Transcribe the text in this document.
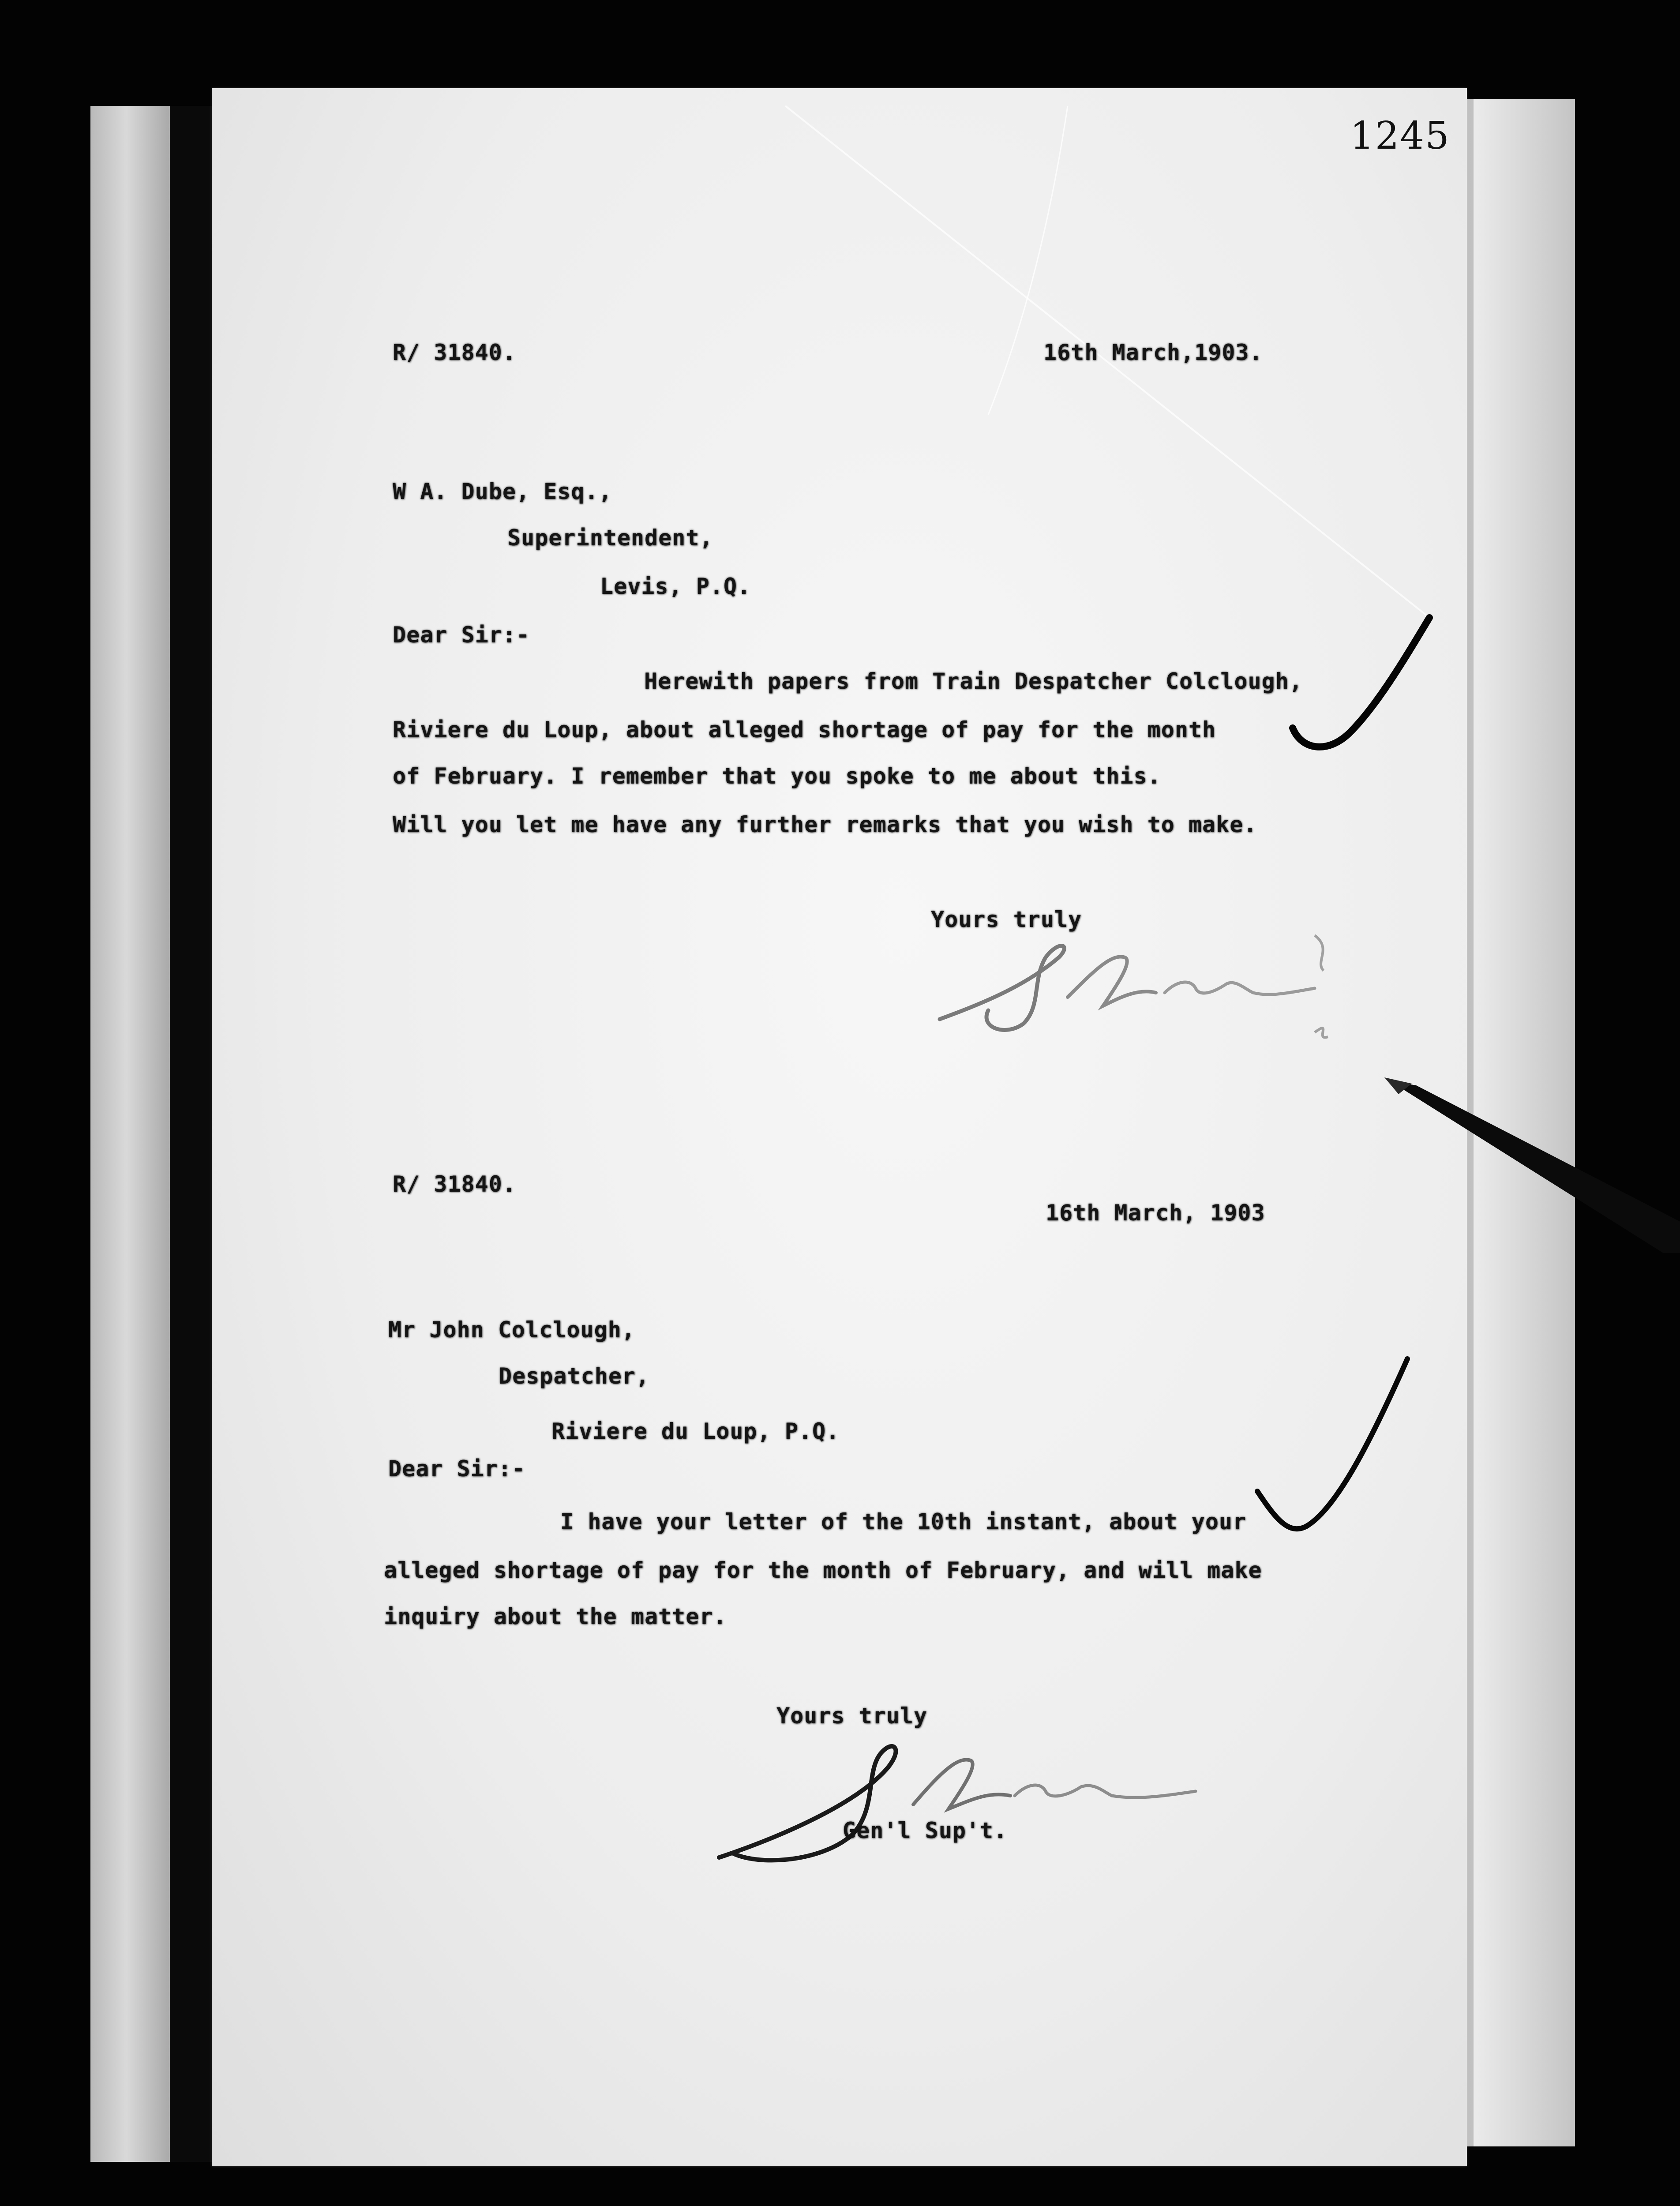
1245
R/ 31840.	16th March,1903.
W A. Dube, Esq.,
Superintendent,
Levis, P.Q.
Dear Sir:-
Herewith papers from Train Despatcher Colclough,
Riviere du Loup, about alleged shortage of pay for the month
of February. I remember that you spoke to me about this.
Will you let me have any further remarks that you wish to make.
Yours truly
R/ 31840.
16th March, 1903
Mr John Colclough,
Despatcher,
Riviere du Loup, P.Q.
Dear Sir:-
I have your letter of the 10th instant, about your
alleged shortage of pay for the month of February, and will make
inquiry about the matter.
Yours truly
Gen'l Sup't.
